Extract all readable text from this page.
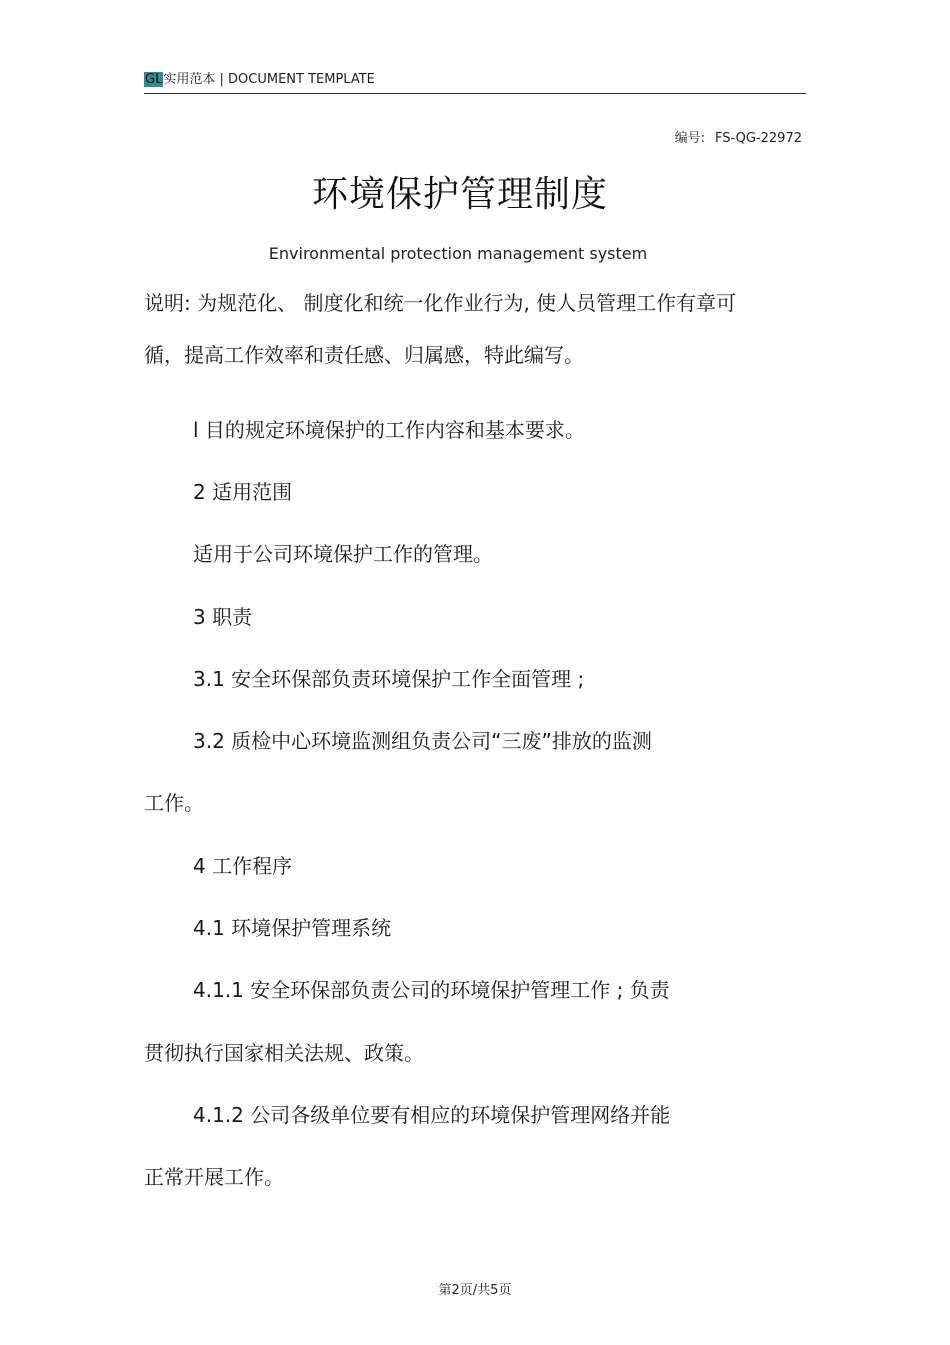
GL实用范本 | DOCUMENT TEMPLATE
编号: FS-QG-22972
环境保护管理制度
Environmental protection management system
说明: 为规范化、 制度化和统一化作业行为, 使人员管理工作有章可
循，提高工作效率和责任感、归属感，特此编写。
l 目的规定环境保护的工作内容和基本要求。
2 适用范围
适用于公司环境保护工作的管理。
3 职责
3.1 安全环保部负责环境保护工作全面管理 ;
3.2 质检中心环境监测组负责公司“三废”排放的监测
工作。
4 工作程序
4.1 环境保护管理系统
4.1.1 安全环保部负责公司的环境保护管理工作 ; 负责
贯彻执行国家相关法规、政策。
4.1.2 公司各级单位要有相应的环境保护管理网络并能
正常开展工作。
第2页/共5页
